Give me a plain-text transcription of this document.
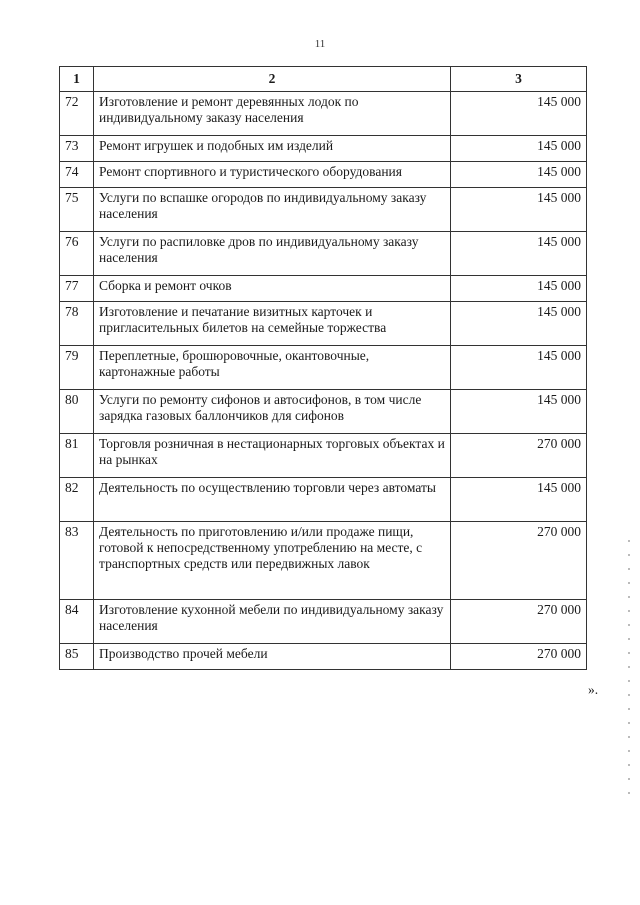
11
1	2	3
72	Изготовление и ремонт деревянных лодок по индивидуальному заказу населения	145 000
73	Ремонт игрушек и подобных им изделий	145 000
74	Ремонт спортивного и туристического оборудования	145 000
75	Услуги по вспашке огородов по индивидуальному заказу населения	145 000
76	Услуги по распиловке дров по индивидуальному заказу населения	145 000
77	Сборка и ремонт очков	145 000
78	Изготовление и печатание визитных карточек и пригласительных билетов на семейные торжества	145 000
79	Переплетные, брошюровочные, окантовочные, картонажные работы	145 000
80	Услуги по ремонту сифонов и автосифонов, в том числе зарядка газовых баллончиков для сифонов	145 000
81	Торговля розничная в нестационарных торговых объектах и на рынках	270 000
82	Деятельность по осуществлению торговли через автоматы	145 000
83	Деятельность по приготовлению и/или продаже пищи, готовой к непосредственному употреблению на месте, с транспортных средств или передвижных лавок	270 000
84	Изготовление кухонной мебели по индивидуальному заказу населения	270 000
85	Производство прочей мебели	270 000
».
